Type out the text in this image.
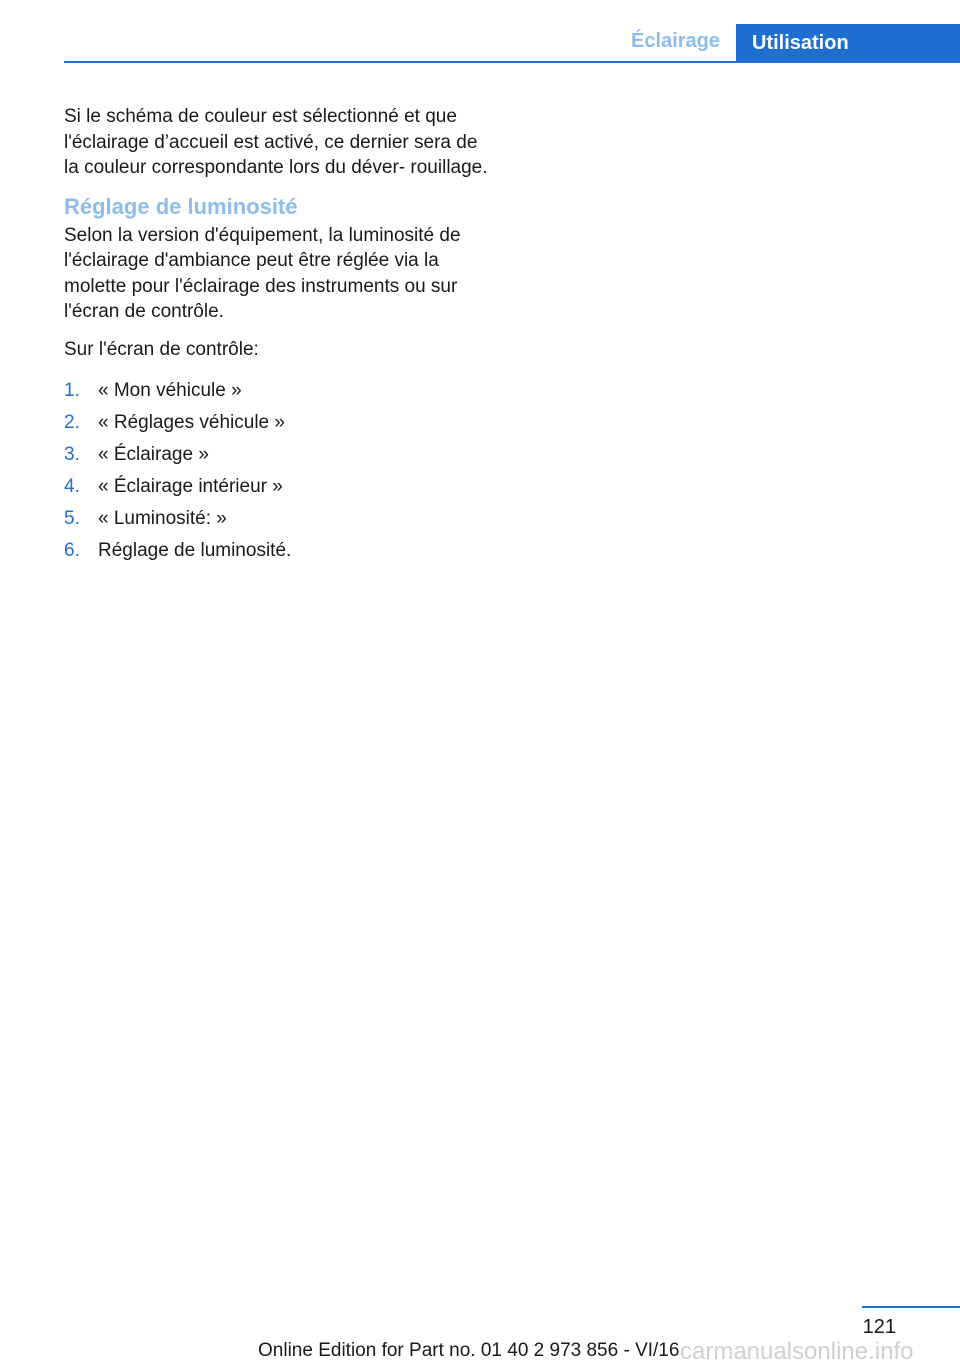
Éclairage	Utilisation

Si le schéma de couleur est sélectionné et que l'éclairage d’accueil est activé, ce dernier sera de la couleur correspondante lors du déver- rouillage.

Réglage de luminosité

Selon la version d'équipement, la luminosité de l'éclairage d'ambiance peut être réglée via la molette pour l'éclairage des instruments ou sur l'écran de contrôle.

Sur l'écran de contrôle:

1. « Mon véhicule »
2. « Réglages véhicule »
3. « Éclairage »
4. « Éclairage intérieur »
5. « Luminosité: »
6. Réglage de luminosité.
121
Online Edition for Part no. 01 40 2 973 856 - VI/16 carmanualsonline.info
